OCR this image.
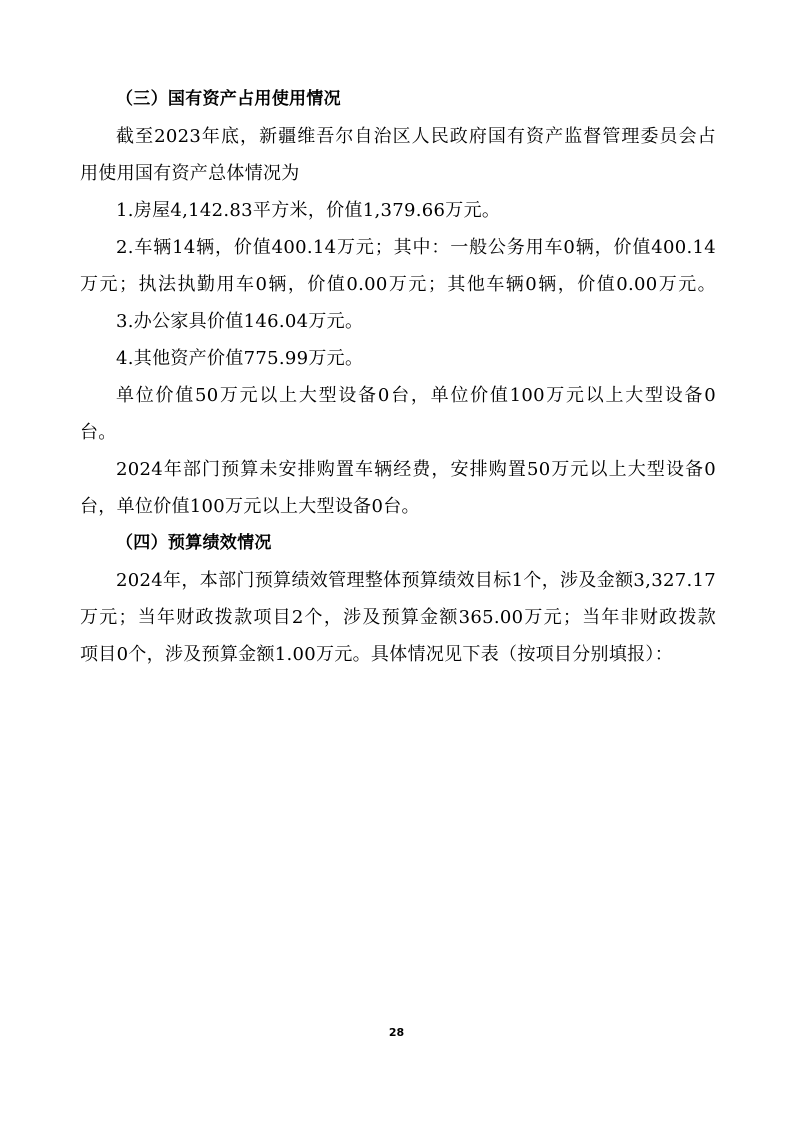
（三）国有资产占用使用情况

截至2023年底，新疆维吾尔自治区人民政府国有资产监督管理委员会占

用使用国有资产总体情况为

1.房屋4,142.83平方米，价值1,379.66万元。

2.车辆14辆，价值400.14万元；其中：一般公务用车0辆，价值400.14

万元；执法执勤用车0辆，价值0.00万元；其他车辆0辆，价值0.00万元。

3.办公家具价值146.04万元。

4.其他资产价值775.99万元。

单位价值50万元以上大型设备0台，单位价值100万元以上大型设备0

台。

2024年部门预算未安排购置车辆经费，安排购置50万元以上大型设备0

台，单位价值100万元以上大型设备0台。

（四）预算绩效情况

2024年，本部门预算绩效管理整体预算绩效目标1个，涉及金额3,327.17

万元；当年财政拨款项目2个，涉及预算金额365.00万元；当年非财政拨款

项目0个，涉及预算金额1.00万元。具体情况见下表（按项目分别填报）：

28
